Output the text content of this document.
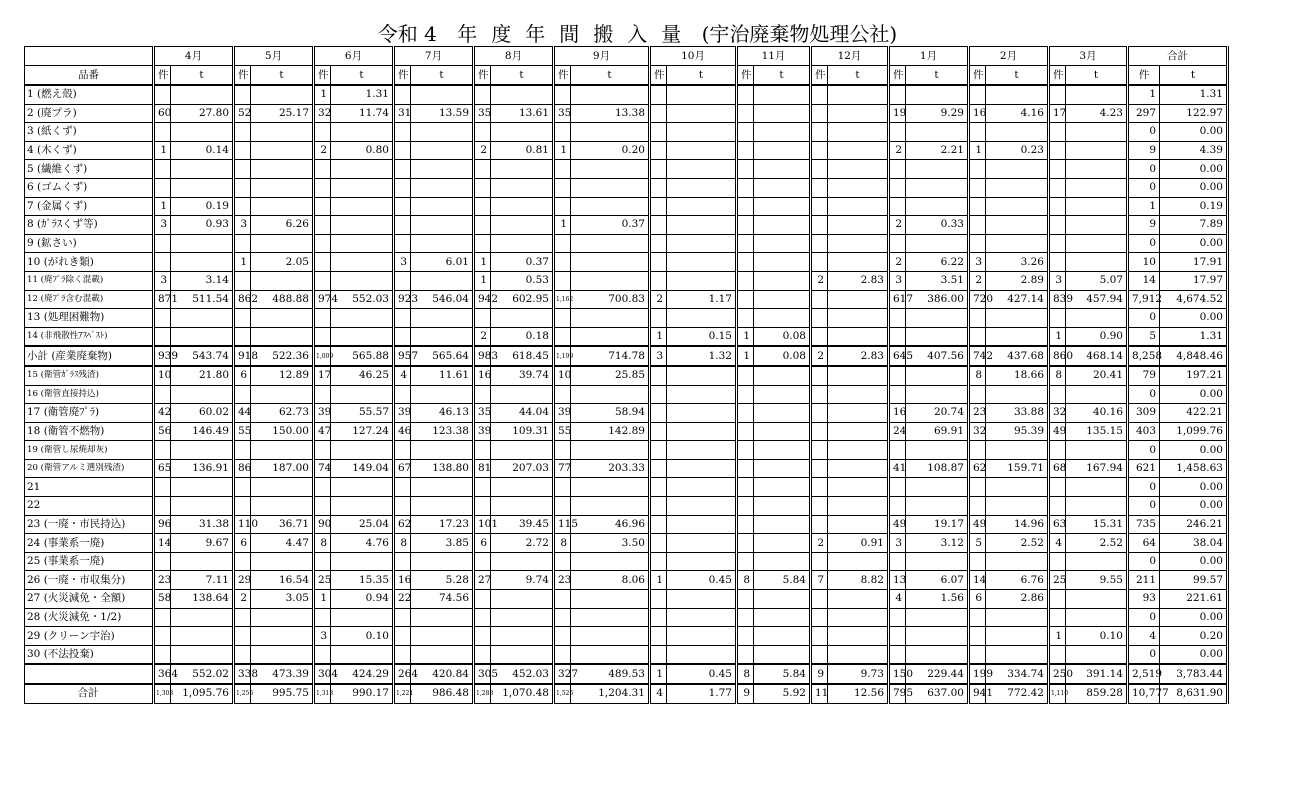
令和 4 年度年間搬入量 (宇治廃棄物処理公社)
	4月		5月		6月		7月		8月		9月		10月		11月		12月		1月		2月		3月		合計	
品番	件	t	件	t	件	t	件	t	件	t	件	t	件	t	件	t	件	t	件	t	件	t	件	t	件	t
1 (燃え殻)					1	1.31																			1	1.31
2 (廃プラ)	60	27.80	52	25.17	32	11.74	31	13.59	35	13.61	35	13.38							19	9.29	16	4.16	17	4.23	297	122.97
3 (紙くず)																									0	0.00
4 (木くず)	1	0.14			2	0.80			2	0.81	1	0.20							2	2.21	1	0.23			9	4.39
5 (繊維くず)																									0	0.00
6 (ゴムくず)																									0	0.00
7 (金属くず)	1	0.19																							1	0.19
8 (ｶﾞﾗｽくず等)	3	0.93	3	6.26							1	0.37							2	0.33					9	7.89
9 (鉱さい)																									0	0.00
10 (がれき類)			1	2.05			3	6.01	1	0.37									2	6.22	3	3.26			10	17.91
11 (廃ﾌﾟﾗ除く混載)	3	3.14							1	0.53							2	2.83	3	3.51	2	2.89	3	5.07	14	17.97
12 (廃ﾌﾟﾗ含む混載)	871	511.54	862	488.88	974	552.03	923	546.04	942	602.95	1,162	700.83	2	1.17					617	386.00	720	427.14	839	457.94	7,912	4,674.52
13 (処理困難物)																									0	0.00
14 (非飛散性ｱｽﾍﾞｽﾄ)									2	0.18			1	0.15	1	0.08							1	0.90	5	1.31
小計 (産業廃棄物)	939	543.74	918	522.36	1,009	565.88	957	565.64	983	618.45	1,199	714.78	3	1.32	1	0.08	2	2.83	645	407.56	742	437.68	860	468.14	8,258	4,848.46
15 (衛管ｶﾞﾗｽ残渣)	10	21.80	6	12.89	17	46.25	4	11.61	16	39.74	10	25.85									8	18.66	8	20.41	79	197.21
16 (衛管直接持込)																									0	0.00
17 (衛管廃ﾌﾟﾗ)	42	60.02	44	62.73	39	55.57	39	46.13	35	44.04	39	58.94							16	20.74	23	33.88	32	40.16	309	422.21
18 (衛管不燃物)	56	146.49	55	150.00	47	127.24	46	123.38	39	109.31	55	142.89							24	69.91	32	95.39	49	135.15	403	1,099.76
19 (衛管し尿焼却灰)																									0	0.00
20 (衛管アルミ選別残渣)	65	136.91	86	187.00	74	149.04	67	138.80	81	207.03	77	203.33							41	108.87	62	159.71	68	167.94	621	1,458.63
21																									0	0.00
22																									0	0.00
23 (一廃・市民持込)	96	31.38	110	36.71	90	25.04	62	17.23	101	39.45	115	46.96							49	19.17	49	14.96	63	15.31	735	246.21
24 (事業系一廃)	14	9.67	6	4.47	8	4.76	8	3.85	6	2.72	8	3.50					2	0.91	3	3.12	5	2.52	4	2.52	64	38.04
25 (事業系一廃)																									0	0.00
26 (一廃・市収集分)	23	7.11	29	16.54	25	15.35	16	5.28	27	9.74	23	8.06	1	0.45	8	5.84	7	8.82	13	6.07	14	6.76	25	9.55	211	99.57
27 (火災減免・全額)	58	138.64	2	3.05	1	0.94	22	74.56											4	1.56	6	2.86			93	221.61
28 (火災減免・1/2)																									0	0.00
29 (クリーン宇治)					3	0.10																	1	0.10	4	0.20
30 (不法投棄)																									0	0.00
	364	552.02	338	473.39	304	424.29	264	420.84	305	452.03	327	489.53	1	0.45	8	5.84	9	9.73	150	229.44	199	334.74	250	391.14	2,519	3,783.44
合計	1,303	1,095.76	1,256	995.75	1,313	990.17	1,221	986.48	1,288	1,070.48	1,526	1,204.31	4	1.77	9	5.92	11	12.56	795	637.00	941	772.42	1,110	859.28	10,777	8,631.90
